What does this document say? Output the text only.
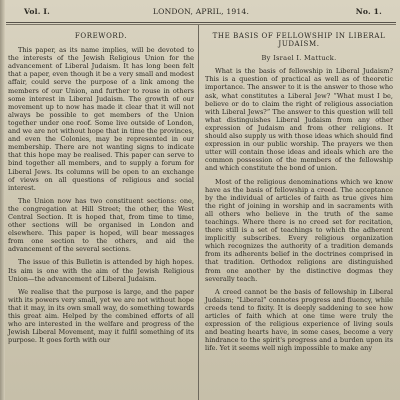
Vol. I.	LONDON, APRIL, 1914.	No. 1.
FOREWORD.

This paper, as its name implies, will be devoted to the interests of the Jewish Religious Union for the advancement of Liberal Judaism. It has long been felt that a paper, even though it be a very small and modest affair, could serve the purpose of a link among the members of our Union, and further to rouse in others some interest in Liberal Judaism. The growth of our movement up to now has made it clear that it will not always be possible to get members of the Union together under one roof. Some live outside of London, and we are not without hope that in time the provinces, and even the Colonies, may be represented in our membership. There are not wanting signs to indicate that this hope may be realised. This paper can serve to bind together all members, and to supply a forum for Liberal Jews. Its columns will be open to an exchange of views on all questions of religious and social interest.

The Union now has two constituent sections: one, the congregation at Hill Street; the other, the West Central Section. It is hoped that, from time to time, other sections will be organised in London and elsewhere. This paper is hoped, will bear messages from one section to the others, and aid the advancement of the several sections.

The issue of this Bulletin is attended by high hopes. Its aim is one with the aim of the Jewish Religious Union—the advancement of Liberal Judaism.

We realise that the purpose is large, and the paper with its powers very small, yet we are not without hope that it may, in its own small way, do something towards this great aim. Helped by the combined efforts of all who are interested in the welfare and progress of the Jewish Liberal Movement, may it fulfil something of its purpose. It goes forth with our

THE BASIS OF FELLOWSHIP IN LIBERAL JUDAISM.
By Israel I. Mattuck.

What is the basis of fellowship in Liberal Judaism? This is a question of practical as well as of theoretic importance. The answer to it is the answer to those who ask, what constitutes a Liberal Jew? “What must I be, believe or do to claim the right of religious association with Liberal Jews?” The answer to this question will tell what distinguishes Liberal Judaism from any other expression of Judaism and from other religions. It should also supply us with those ideas which should find expression in our public worship. The prayers we then utter will contain those ideas and ideals which are the common possession of the members of the fellowship and which constitute the bond of union.

Most of the religious denominations which we know have as the basis of fellowship a creed. The acceptance by the individual of articles of faith as true gives him the right of joining in worship and in sacraments with all others who believe in the truth of the same teachings. Where there is no creed set for recitation, there still is a set of teachings to which the adherent implicitly subscribes. Every religious organization which recognizes the authority of a tradition demands from its adherents belief in the doctrines comprised in that tradition. Orthodox religions are distinguished from one another by the distinctive dogmas they severally teach.

A creed cannot be the basis of fellowship in Liberal Judaism; “Liberal” connotes progress and fluency, while creeds tend to fixity. It is deeply saddening to see how articles of faith which at one time were truly the expression of the religious experience of living souls and beating hearts have, in some cases, become a very hindrance to the spirit's progress and a burden upon its life. Yet it seems well nigh impossible to make any
